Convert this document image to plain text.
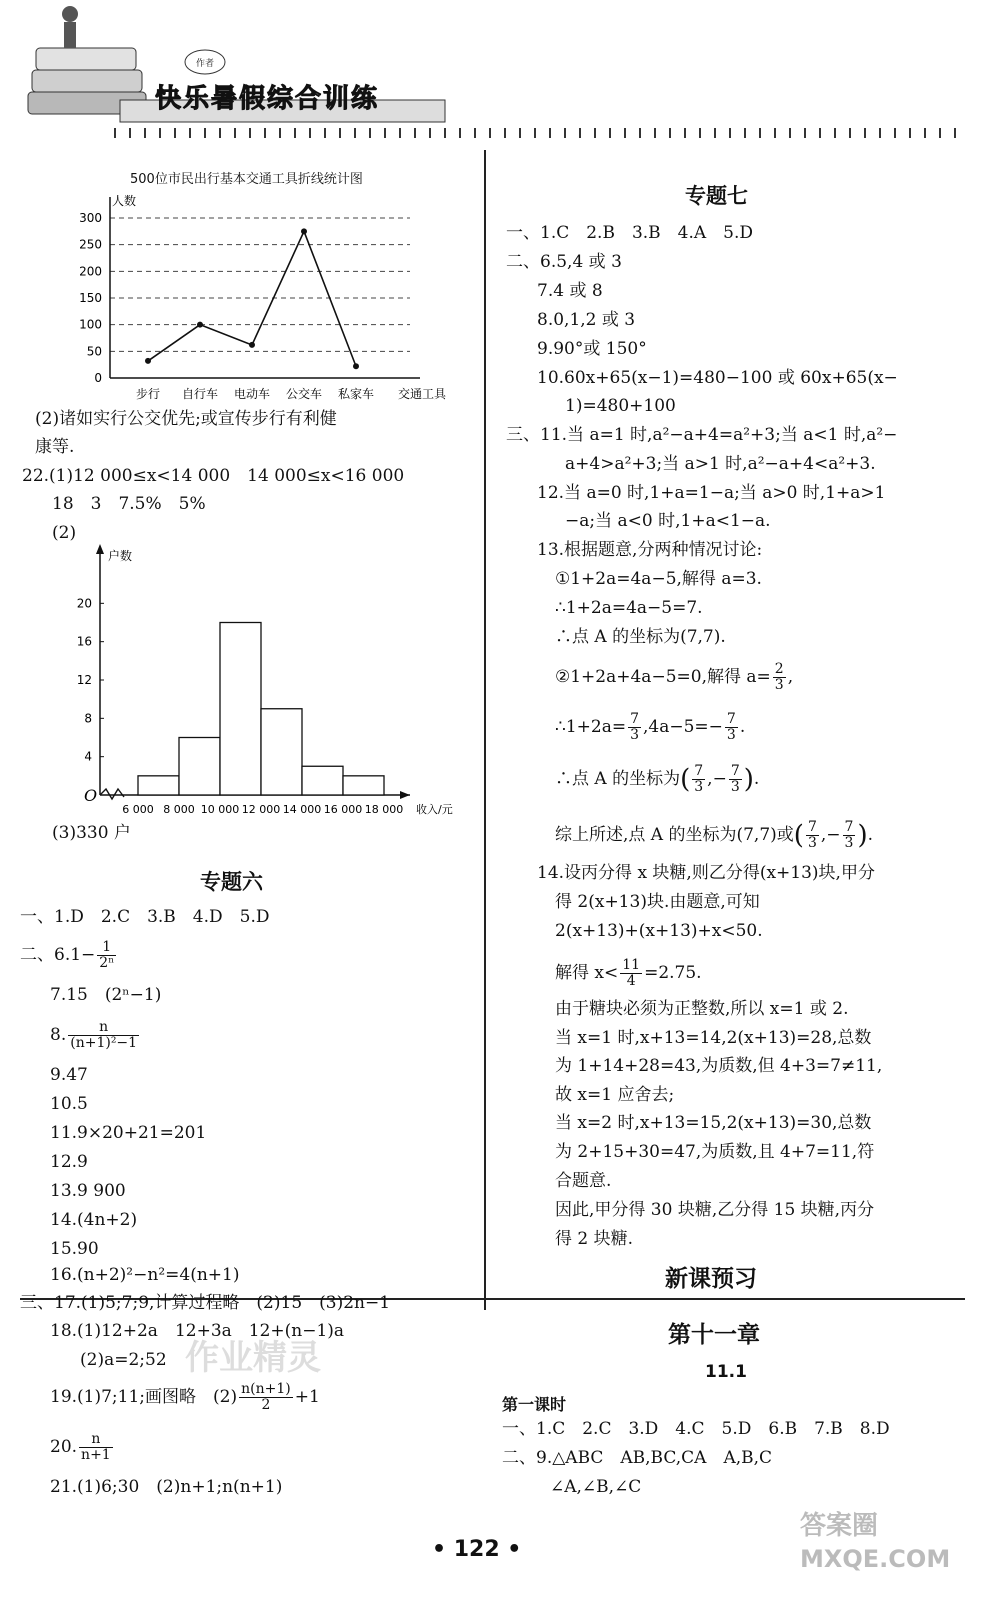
快乐暑假综合训练
作者
500位市民出行基本交通工具折线统计图
0
50
100
150
200
250
300
人数
交通工具
步行 自行车 电动车 公交车 私家车
(2)诸如实行公交优先;或宣传步行有利健
康等.
22.(1)12 000≤x<14 000　14 000≤x<16 000
18　3　7.5%　5%
(2)
O
户数
收入/元
4
8
12
16
20
6 000 8 000 10 000 12 000 14 000 16 000 18 000
(3)330 户
专题六
一、1.D　2.C　3.B　4.D　5.D
二、$6.1- \frac{1}{\text{2ⁿ}}$
7.15　(2ⁿ−1)
8. $\frac{n}{\text{(n+1)²−1}}$
9.47
10.5
11.9×20+21=201
12.9
13.9 900
14.(4n+2)
15.90
16.(n+2)²−n²=4(n+1)
三、17.(1)5;7;9,计算过程略　(2)15　(3)2n−1
18.(1)12+2a　12+3a　12+(n−1)a
(2)a=2;52
19.(1)7;11;画图略　$(2) \frac{n(n+1)}{2} +1$
20. $\frac{n}{n+1}$
21.(1)6;30　(2)n+1;n(n+1)
作业精灵
专题七
一、1.C　2.B　3.B　4.A　5.D
二、6.5,4 或 3
7.4 或 8
8.0,1,2 或 3
9.90°或 150°
10.60x+65(x−1)=480−100 或 60x+65(x−
1)=480+100
三、11.当 a=1 时,a²−a+4=a²+3;当 a<1 时,a²−
a+4>a²+3;当 a>1 时,a²−a+4<a²+3.
12.当 a=0 时,1+a=1−a;当 a>0 时,1+a>1
−a;当 a<0 时,1+a<1−a.
13.根据题意,分两种情况讨论:
①1+2a=4a−5,解得 a=3.
∴1+2a=4a−5=7.
∴点 A 的坐标为(7,7).
②1+2a+4a−5=0,解得 $a= \frac{2}{3}$ ,
∴1+2a= $\frac{7}{3} ,4a-5=- \frac{7}{3}$ .
∴点 A 的坐标为( $\frac{7}{3}$ ,− $\frac{7}{3}$ ).
综上所述,点 A 的坐标为(7,7)或( $\frac{7}{3}$ ,− $\frac{7}{3}$ ).
14.设丙分得 x 块糖,则乙分得(x+13)块,甲分
得 2(x+13)块.由题意,可知
2(x+13)+(x+13)+x<50.
解得 $x< \frac{11}{4} =2.75$.
由于糖块必须为正整数,所以 x=1 或 2.
当 x=1 时,x+13=14,2(x+13)=28,总数
为 1+14+28=43,为质数,但 4+3=7≠11,
故 x=1 应舍去;
当 x=2 时,x+13=15,2(x+13)=30,总数
为 2+15+30=47,为质数,且 4+7=11,符
合题意.
因此,甲分得 30 块糖,乙分得 15 块糖,丙分
得 2 块糖.
新课预习
第十一章
11.1
第一课时
一、1.C　2.C　3.D　4.C　5.D　6.B　7.B　8.D
二、9.△ABC　AB,BC,CA　A,B,C
∠A,∠B,∠C
• 122 •
答案圈
MXQE.COM
